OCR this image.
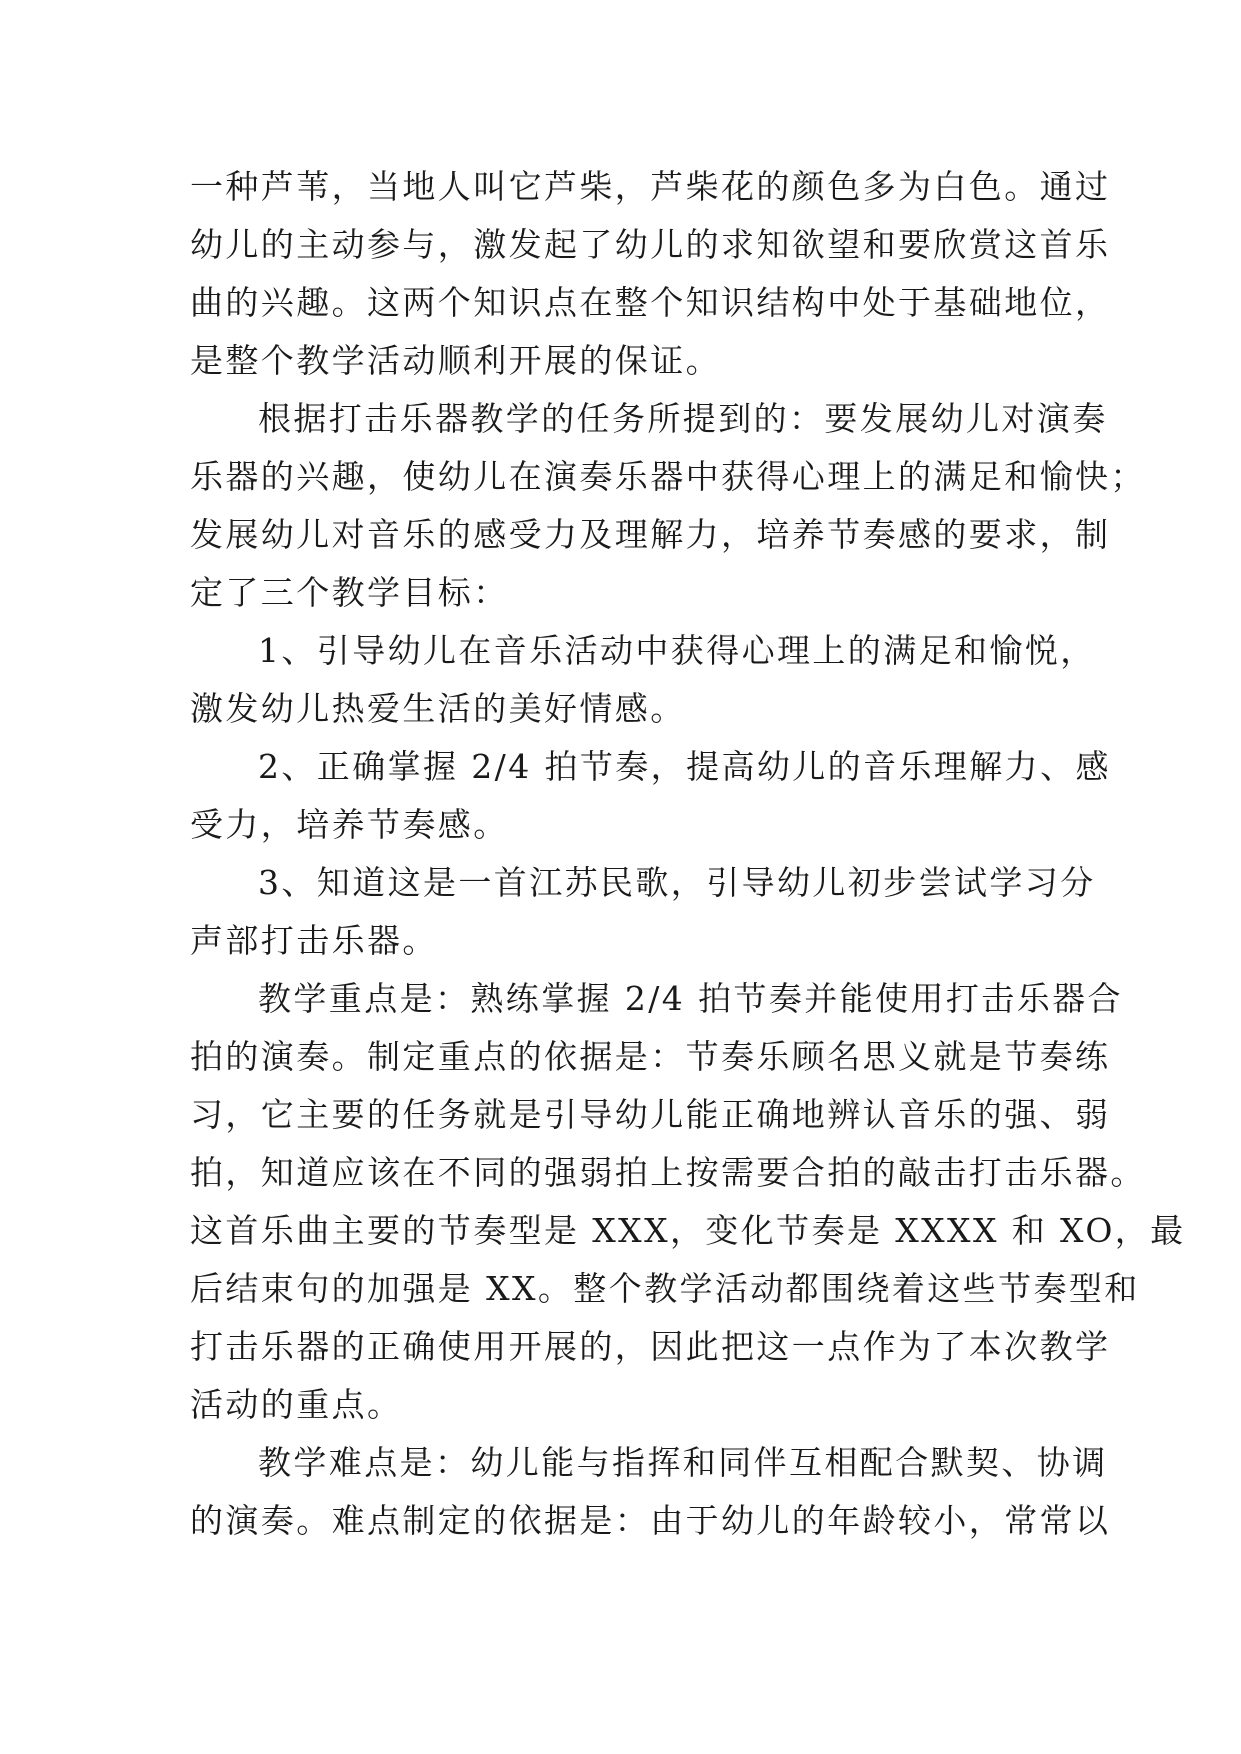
一种芦苇，当地人叫它芦柴，芦柴花的颜色多为白色。通过
幼儿的主动参与，激发起了幼儿的求知欲望和要欣赏这首乐
曲的兴趣。这两个知识点在整个知识结构中处于基础地位，
是整个教学活动顺利开展的保证。
根据打击乐器教学的任务所提到的：要发展幼儿对演奏
乐器的兴趣，使幼儿在演奏乐器中获得心理上的满足和愉快；
发展幼儿对音乐的感受力及理解力，培养节奏感的要求，制
定了三个教学目标：
1、引导幼儿在音乐活动中获得心理上的满足和愉悦，
激发幼儿热爱生活的美好情感。
2、正确掌握 2/4 拍节奏，提高幼儿的音乐理解力、感
受力，培养节奏感。
3、知道这是一首江苏民歌，引导幼儿初步尝试学习分
声部打击乐器。
教学重点是：熟练掌握 2/4 拍节奏并能使用打击乐器合
拍的演奏。制定重点的依据是：节奏乐顾名思义就是节奏练
习，它主要的任务就是引导幼儿能正确地辨认音乐的强、弱
拍，知道应该在不同的强弱拍上按需要合拍的敲击打击乐器。
这首乐曲主要的节奏型是 XXX，变化节奏是 XXXX 和 XO，最
后结束句的加强是 XX。整个教学活动都围绕着这些节奏型和
打击乐器的正确使用开展的，因此把这一点作为了本次教学
活动的重点。
教学难点是：幼儿能与指挥和同伴互相配合默契、协调
的演奏。难点制定的依据是：由于幼儿的年龄较小，常常以
